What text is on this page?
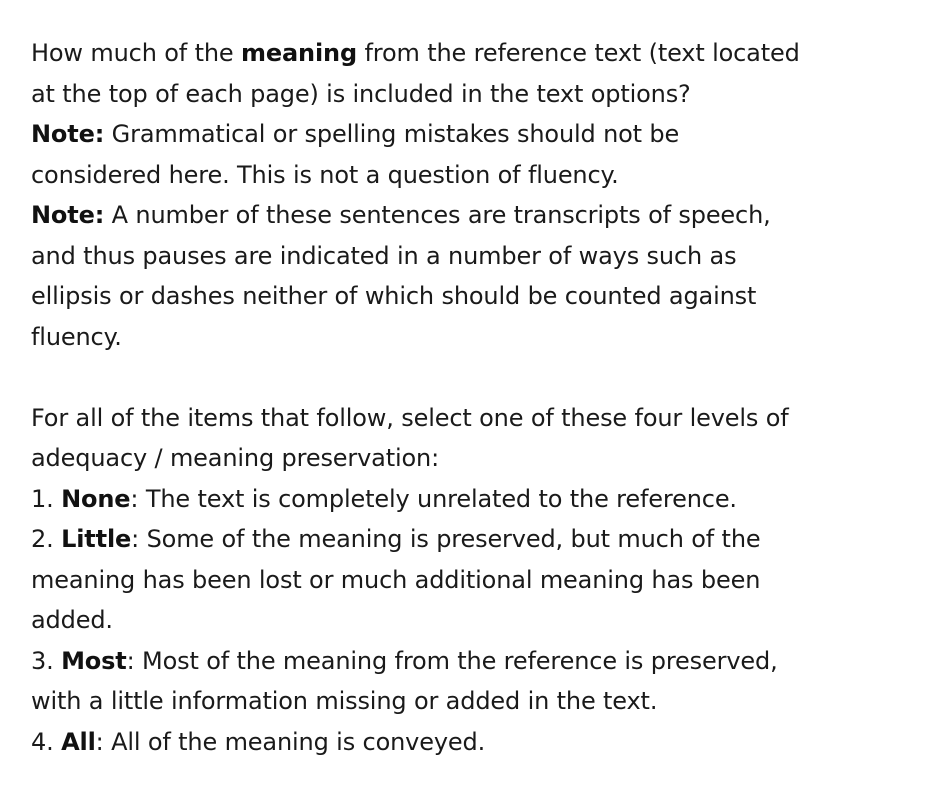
How much of the meaning from the reference text (text located
at the top of each page) is included in the text options?
Note: Grammatical or spelling mistakes should not be
considered here. This is not a question of fluency.
Note: A number of these sentences are transcripts of speech,
and thus pauses are indicated in a number of ways such as
ellipsis or dashes neither of which should be counted against
fluency.
For all of the items that follow, select one of these four levels of
adequacy / meaning preservation:
1. None: The text is completely unrelated to the reference.
2. Little: Some of the meaning is preserved, but much of the
meaning has been lost or much additional meaning has been
added.
3. Most: Most of the meaning from the reference is preserved,
with a little information missing or added in the text.
4. All: All of the meaning is conveyed.
